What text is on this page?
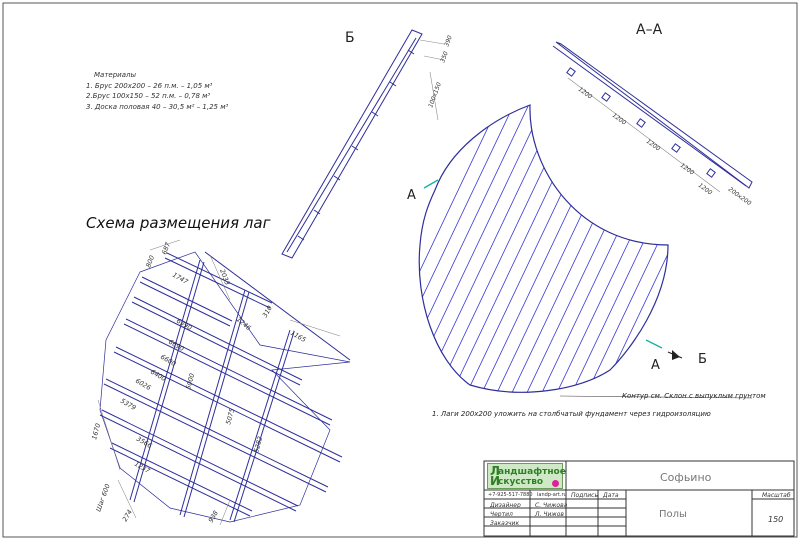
390
350
100х150	1200
1200
1200
1200
1200 200х200
800
687
2033
1747
6390
6690
6600
6400
6026
5379
5000
5075
5282
3566
1237
1670
1246
310
1165
274	938
Шаг 600
Материалы
1. Брус 200х200 – 26 п.м. – 1,05 м³
2.Брус 100х150 – 52 п.м. – 0,78 м³
3. Доска половая 40 – 30,5 м² – 1,25 м³
Схема размещения лаг
Б	А–А
А
А	Б
Контур см. Склон с выпуклым грунтом
1. Лаги 200х200 уложить на столбчатый фундамент через гидроизоляцию
Л
андшафтное
И
скусство	Софьино
+7-925-517-7880 landp-art.ru Подпись Дата
Дизайнер С. Чижова
Чертил	Л. Чижов
Заказчик
Полы
Масштаб
150
